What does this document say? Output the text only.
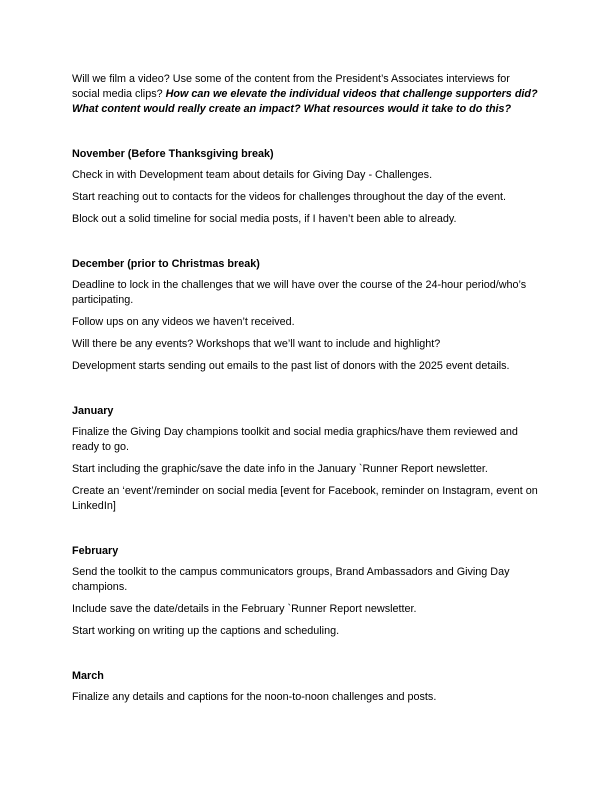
Will we film a video? Use some of the content from the President’s Associates interviews for social media clips? How can we elevate the individual videos that challenge supporters did? What content would really create an impact? What resources would it take to do this?

November (Before Thanksgiving break)

Check in with Development team about details for Giving Day - Challenges.

Start reaching out to contacts for the videos for challenges throughout the day of the event.

Block out a solid timeline for social media posts, if I haven’t been able to already.

December (prior to Christmas break)

Deadline to lock in the challenges that we will have over the course of the 24-hour period/who’s participating.

Follow ups on any videos we haven’t received.

Will there be any events? Workshops that we’ll want to include and highlight?

Development starts sending out emails to the past list of donors with the 2025 event details.

January

Finalize the Giving Day champions toolkit and social media graphics/have them reviewed and ready to go.

Start including the graphic/save the date info in the January `Runner Report newsletter.

Create an ‘event’/reminder on social media [event for Facebook, reminder on Instagram, event on LinkedIn]

February

Send the toolkit to the campus communicators groups, Brand Ambassadors and Giving Day champions.

Include save the date/details in the February `Runner Report newsletter.

Start working on writing up the captions and scheduling.

March

Finalize any details and captions for the noon-to-noon challenges and posts.
